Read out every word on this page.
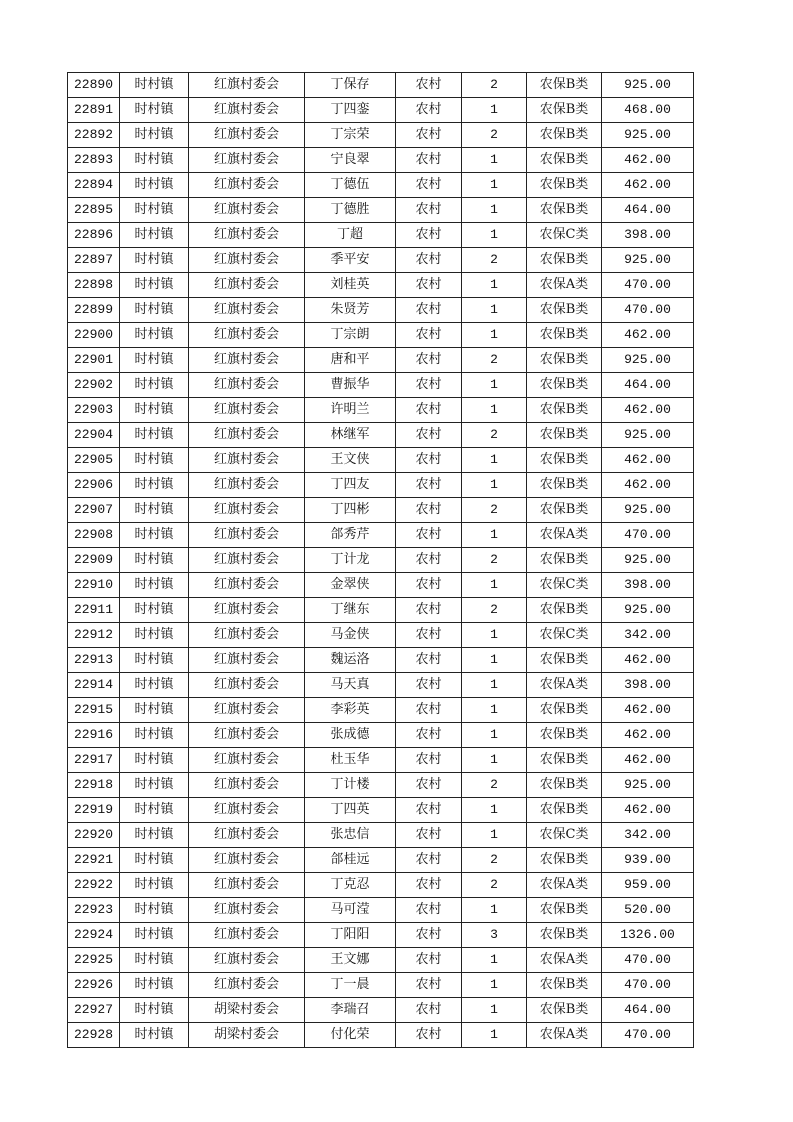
22890	时村镇	红旗村委会	丁保存	农村	2	农保B类	925.00
22891	时村镇	红旗村委会	丁四銮	农村	1	农保B类	468.00
22892	时村镇	红旗村委会	丁宗荣	农村	2	农保B类	925.00
22893	时村镇	红旗村委会	宁良翠	农村	1	农保B类	462.00
22894	时村镇	红旗村委会	丁德伍	农村	1	农保B类	462.00
22895	时村镇	红旗村委会	丁德胜	农村	1	农保B类	464.00
22896	时村镇	红旗村委会	丁超	农村	1	农保C类	398.00
22897	时村镇	红旗村委会	季平安	农村	2	农保B类	925.00
22898	时村镇	红旗村委会	刘桂英	农村	1	农保A类	470.00
22899	时村镇	红旗村委会	朱贤芳	农村	1	农保B类	470.00
22900	时村镇	红旗村委会	丁宗朗	农村	1	农保B类	462.00
22901	时村镇	红旗村委会	唐和平	农村	2	农保B类	925.00
22902	时村镇	红旗村委会	曹振华	农村	1	农保B类	464.00
22903	时村镇	红旗村委会	许明兰	农村	1	农保B类	462.00
22904	时村镇	红旗村委会	林继军	农村	2	农保B类	925.00
22905	时村镇	红旗村委会	王文侠	农村	1	农保B类	462.00
22906	时村镇	红旗村委会	丁四友	农村	1	农保B类	462.00
22907	时村镇	红旗村委会	丁四彬	农村	2	农保B类	925.00
22908	时村镇	红旗村委会	郃秀芹	农村	1	农保A类	470.00
22909	时村镇	红旗村委会	丁计龙	农村	2	农保B类	925.00
22910	时村镇	红旗村委会	金翠侠	农村	1	农保C类	398.00
22911	时村镇	红旗村委会	丁继东	农村	2	农保B类	925.00
22912	时村镇	红旗村委会	马金侠	农村	1	农保C类	342.00
22913	时村镇	红旗村委会	魏运洛	农村	1	农保B类	462.00
22914	时村镇	红旗村委会	马天真	农村	1	农保A类	398.00
22915	时村镇	红旗村委会	李彩英	农村	1	农保B类	462.00
22916	时村镇	红旗村委会	张成德	农村	1	农保B类	462.00
22917	时村镇	红旗村委会	杜玉华	农村	1	农保B类	462.00
22918	时村镇	红旗村委会	丁计楼	农村	2	农保B类	925.00
22919	时村镇	红旗村委会	丁四英	农村	1	农保B类	462.00
22920	时村镇	红旗村委会	张忠信	农村	1	农保C类	342.00
22921	时村镇	红旗村委会	郃桂远	农村	2	农保B类	939.00
22922	时村镇	红旗村委会	丁克忍	农村	2	农保A类	959.00
22923	时村镇	红旗村委会	马可滢	农村	1	农保B类	520.00
22924	时村镇	红旗村委会	丁阳阳	农村	3	农保B类	1326.00
22925	时村镇	红旗村委会	王文娜	农村	1	农保A类	470.00
22926	时村镇	红旗村委会	丁一晨	农村	1	农保B类	470.00
22927	时村镇	胡梁村委会	李瑞召	农村	1	农保B类	464.00
22928	时村镇	胡梁村委会	付化荣	农村	1	农保A类	470.00
